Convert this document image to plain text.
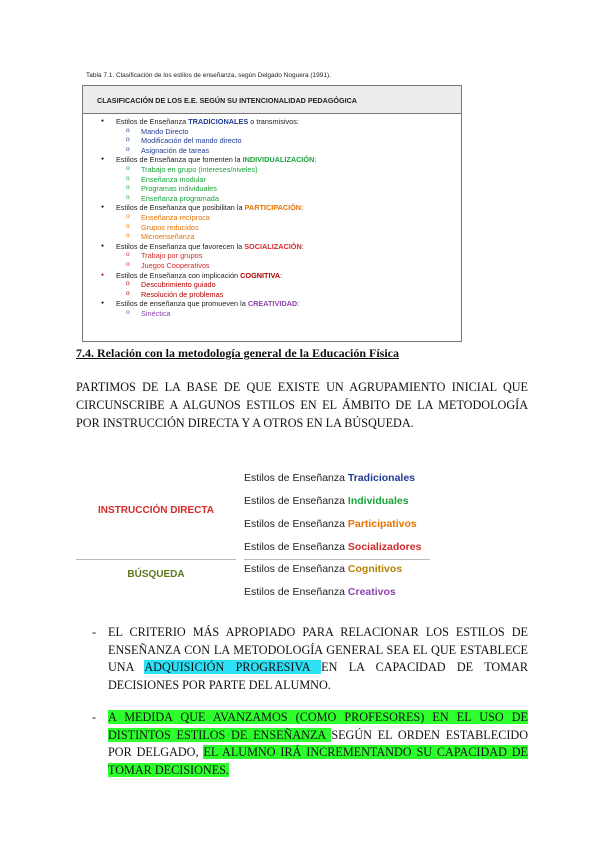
Tabla 7.1. Clasificación de los estilos de enseñanza, según Delgado Noguera (1991).
CLASIFICACIÓN DE LOS E.E. SEGÚN SU INTENCIONALIDAD PEDAGÓGICA
● Estilos de Enseñanza TRADICIONALES o transmisivos:
o Mando Directo
o Modificación del mando directo
o Asignación de tareas
● Estilos de Enseñanza que fomenten la INDIVIDUALIZACIÓN:
o Trabajo en grupo (intereses/niveles)
o Enseñanza modular
o Programas individuales
o Enseñanza programada
● Estilos de Enseñanza que posibilitan la PARTICIPACIÓN:
o Enseñanza recíproca
o Grupos reducidos
o Microenseñanza
● Estilos de Enseñanza que favorecen la SOCIALIZACIÓN:
o Trabajo por grupos
o Juegos Cooperativos
● Estilos de Enseñanza con implicación COGNITIVA:
o Descubrimiento guiado
o Resolución de problemas
● Estilos de enseñanza que promueven la CREATIVIDAD:
o Sinéctica
7.4. Relación con la metodología general de la Educación Física
PARTIMOS DE LA BASE DE QUE EXISTE UN AGRUPAMIENTO INICIAL QUE CIRCUNSCRIBE A ALGUNOS ESTILOS EN EL ÁMBITO DE LA METODOLOGÍA POR INSTRUCCIÓN DIRECTA Y A OTROS EN LA BÚSQUEDA.
INSTRUCCIÓN DIRECTA
BÚSQUEDA
Estilos de Enseñanza Tradicionales
Estilos de Enseñanza Individuales
Estilos de Enseñanza Participativos
Estilos de Enseñanza Socializadores
Estilos de Enseñanza Cognitivos
Estilos de Enseñanza Creativos
- EL CRITERIO MÁS APROPIADO PARA RELACIONAR LOS ESTILOS DE ENSEÑANZA CON LA METODOLOGÍA GENERAL SEA EL QUE ESTABLECE UNA ADQUISICIÓN PROGRESIVA EN LA CAPACIDAD DE TOMAR DECISIONES POR PARTE DEL ALUMNO.
- A MEDIDA QUE AVANZAMOS (COMO PROFESORES) EN EL USO DE DISTINTOS ESTILOS DE ENSEÑANZA SEGÚN EL ORDEN ESTABLECIDO POR DELGADO, EL ALUMNO IRÁ INCREMENTANDO SU CAPACIDAD DE TOMAR DECISIONES.
